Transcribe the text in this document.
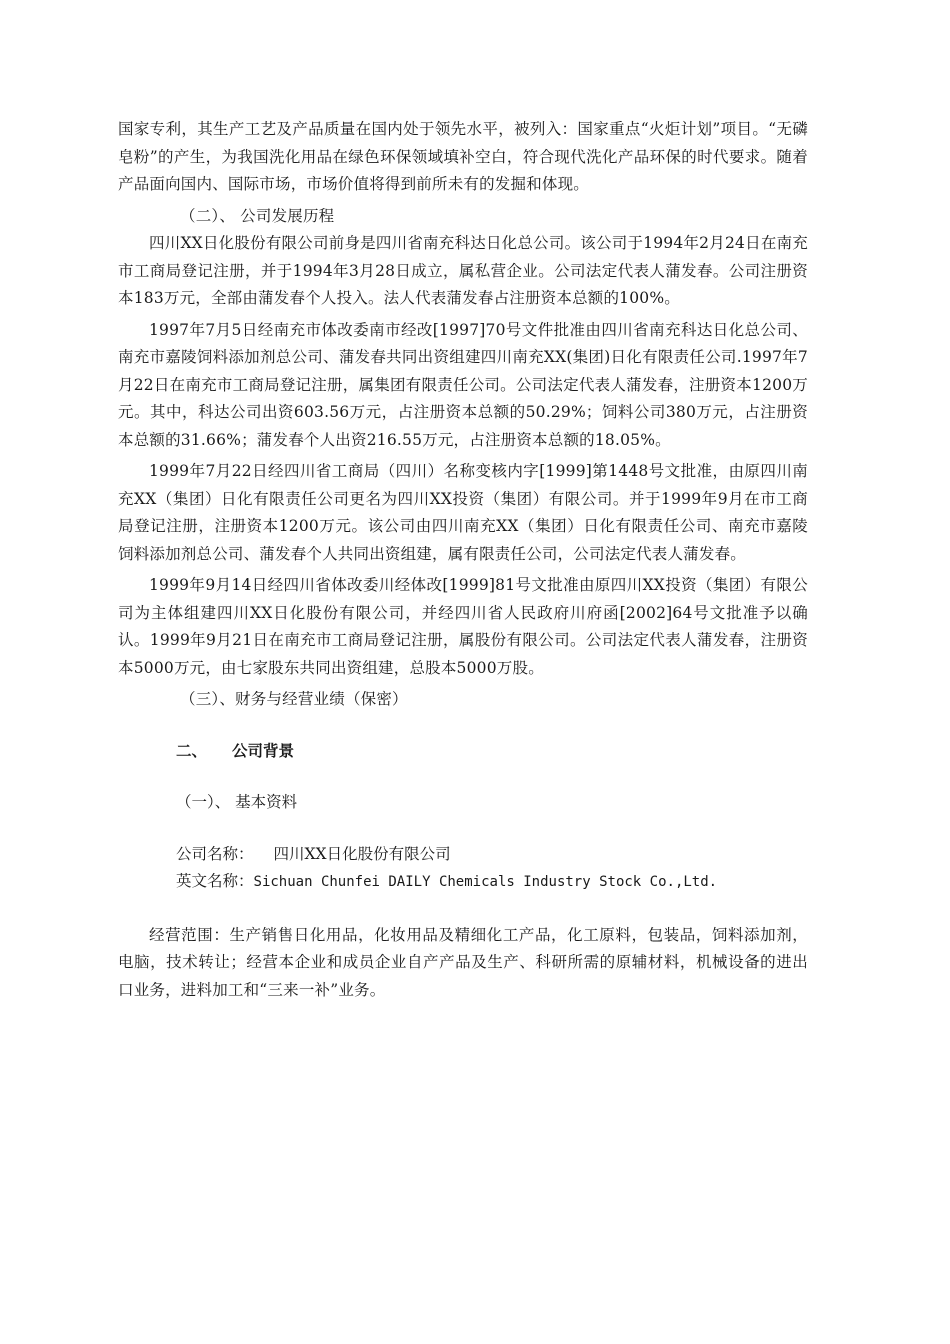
国家专利，其生产工艺及产品质量在国内处于领先水平，被列入：国家重点“火炬计划”项目。“无磷皂粉”的产生，为我国洗化用品在绿色环保领域填补空白，符合现代洗化产品环保的时代要求。随着产品面向国内、国际市场，市场价值将得到前所未有的发掘和体现。

（二）、 公司发展历程

四川XX日化股份有限公司前身是四川省南充科达日化总公司。该公司于1994年2月24日在南充市工商局登记注册，并于1994年3月28日成立，属私营企业。公司法定代表人蒲发春。公司注册资本183万元，全部由蒲发春个人投入。法人代表蒲发春占注册资本总额的100%。

1997年7月5日经南充市体改委南市经改[1997]70号文件批准由四川省南充科达日化总公司、南充市嘉陵饲料添加剂总公司、蒲发春共同出资组建四川南充XX(集团)日化有限责任公司.1997年7月22日在南充市工商局登记注册，属集团有限责任公司。公司法定代表人蒲发春，注册资本1200万元。其中，科达公司出资603.56万元，占注册资本总额的50.29%；饲料公司380万元，占注册资本总额的31.66%；蒲发春个人出资216.55万元，占注册资本总额的18.05%。

1999年7月22日经四川省工商局（四川）名称变核内字[1999]第1448号文批准，由原四川南充XX（集团）日化有限责任公司更名为四川XX投资（集团）有限公司。并于1999年9月在市工商局登记注册，注册资本1200万元。该公司由四川南充XX（集团）日化有限责任公司、南充市嘉陵饲料添加剂总公司、蒲发春个人共同出资组建，属有限责任公司，公司法定代表人蒲发春。

1999年9月14日经四川省体改委川经体改[1999]81号文批准由原四川XX投资（集团）有限公司为主体组建四川XX日化股份有限公司，并经四川省人民政府川府函[2002]64号文批准予以确认。1999年9月21日在南充市工商局登记注册，属股份有限公司。公司法定代表人蒲发春，注册资本5000万元，由七家股东共同出资组建，总股本5000万股。

（三）、财务与经营业绩（保密）

二、 公司背景

（一）、 基本资料

公司名称： 四川XX日化股份有限公司

英文名称：Sichuan Chunfei DAILY Chemicals Industry Stock Co.,Ltd.

经营范围：生产销售日化用品，化妆用品及精细化工产品，化工原料，包装品，饲料添加剂，电脑，技术转让；经营本企业和成员企业自产产品及生产、科研所需的原辅材料，机械设备的进出口业务，进料加工和“三来一补”业务。
